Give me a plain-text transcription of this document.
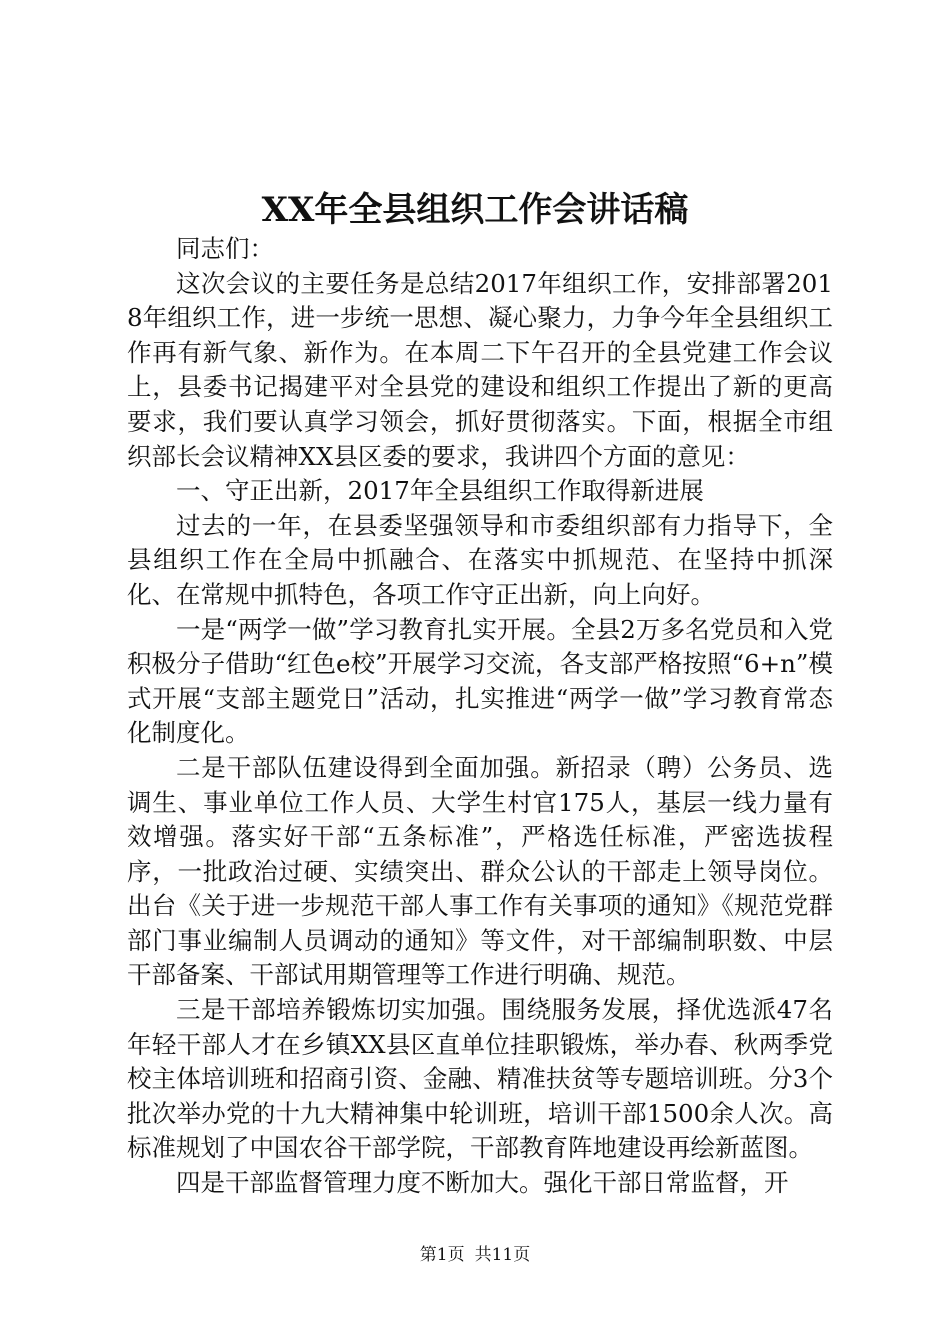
XX年全县组织工作会讲话稿

同志们：

这次会议的主要任务是总结2017年组织工作，安排部署2018年组织工作，进一步统一思想、凝心聚力，力争今年全县组织工作再有新气象、新作为。在本周二下午召开的全县党建工作会议上，县委书记揭建平对全县党的建设和组织工作提出了新的更高要求，我们要认真学习领会，抓好贯彻落实。下面，根据全市组织部长会议精神XX县区委的要求，我讲四个方面的意见：

一、守正出新，2017年全县组织工作取得新进展

过去的一年，在县委坚强领导和市委组织部有力指导下，全县组织工作在全局中抓融合、在落实中抓规范、在坚持中抓深化、在常规中抓特色，各项工作守正出新，向上向好。

一是“两学一做”学习教育扎实开展。全县2万多名党员和入党积极分子借助“红色e校”开展学习交流，各支部严格按照“6+n”模式开展“支部主题党日”活动，扎实推进“两学一做”学习教育常态化制度化。

二是干部队伍建设得到全面加强。新招录（聘）公务员、选调生、事业单位工作人员、大学生村官175人，基层一线力量有效增强。落实好干部“五条标准”，严格选任标准，严密选拔程序，一批政治过硬、实绩突出、群众公认的干部走上领导岗位。出台《关于进一步规范干部人事工作有关事项的通知》《规范党群部门事业编制人员调动的通知》等文件，对干部编制职数、中层干部备案、干部试用期管理等工作进行明确、规范。

三是干部培养锻炼切实加强。围绕服务发展，择优选派47名年轻干部人才在乡镇XX县区直单位挂职锻炼，举办春、秋两季党校主体培训班和招商引资、金融、精准扶贫等专题培训班。分3个批次举办党的十九大精神集中轮训班，培训干部1500余人次。高标准规划了中国农谷干部学院，干部教育阵地建设再绘新蓝图。

四是干部监督管理力度不断加大。强化干部日常监督，开

第1页 共11页
